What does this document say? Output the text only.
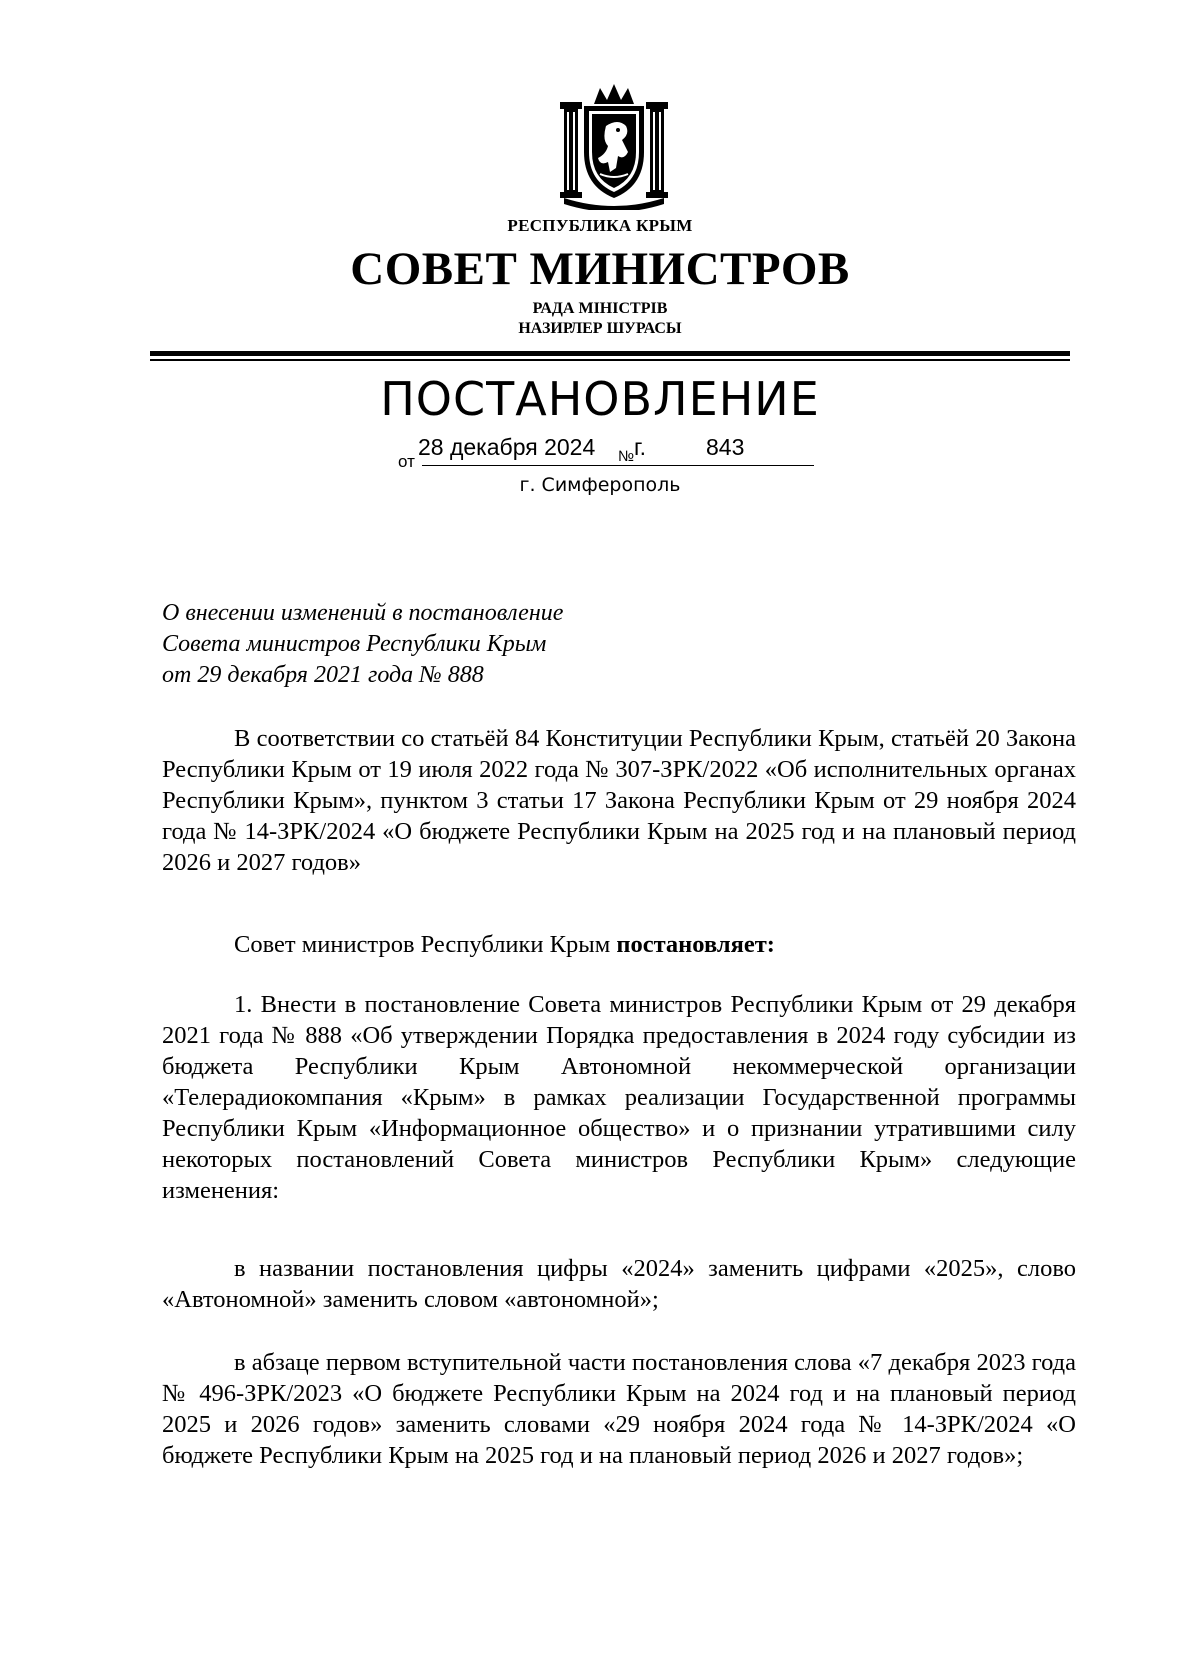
РЕСПУБЛИКА КРЫМ
СОВЕТ МИНИСТРОВ
РАДА МІНІСТРІВ
НАЗИРЛЕР ШУРАСЫ
ПОСТАНОВЛЕНИЕ
от
28 декабря 2024 № г.	843
г. Симферополь
О внесении изменений в постановление
Совета министров Республики Крым
от 29 декабря 2021 года № 888

В соответствии со статьёй 84 Конституции Республики Крым, статьёй 20 Закона Республики Крым от 19 июля 2022 года № 307-ЗРК/2022 «Об исполнительных органах Республики Крым», пунктом 3 статьи 17 Закона Республики Крым от 29 ноября 2024 года № 14-ЗРК/2024 «О бюджете Республики Крым на 2025 год и на плановый период 2026 и 2027 годов»

Совет министров Республики Крым постановляет:

1. Внести в постановление Совета министров Республики Крым от 29 декабря 2021 года № 888 «Об утверждении Порядка предоставления в 2024 году субсидии из бюджета Республики Крым Автономной некоммерческой организации «Телерадиокомпания «Крым» в рамках реализации Государственной программы Республики Крым «Информационное общество» и о признании утратившими силу некоторых постановлений Совета министров Республики Крым» следующие изменения:

в названии постановления цифры «2024» заменить цифрами «2025», слово «Автономной» заменить словом «автономной»;

в абзаце первом вступительной части постановления слова «7 декабря 2023 года № 496-ЗРК/2023 «О бюджете Республики Крым на 2024 год и на плановый период 2025 и 2026 годов» заменить словами «29 ноября 2024 года № 14-ЗРК/2024 «О бюджете Республики Крым на 2025 год и на плановый период 2026 и 2027 годов»;
